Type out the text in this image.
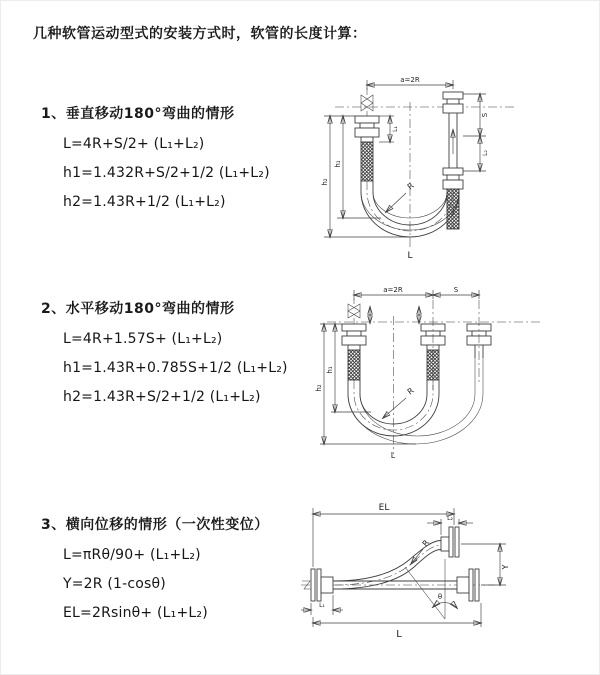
几种软管运动型式的安装方式时，软管的长度计算：
1、垂直移动180°弯曲的情形
L=4R+S/2+ (L₁+L₂)
h1=1.432R+S/2+1/2 (L₁+L₂)
h2=1.43R+1/2 (L₁+L₂)
2、水平移动180°弯曲的情形
L=4R+1.57S+ (L₁+L₂)
h1=1.43R+0.785S+1/2 (L₁+L₂)
h2=1.43R+S/2+1/2 (L₁+L₂)
3、横向位移的情形（一次性变位）
L=πRθ/90+ (L₁+L₂)
Y=2R (1-cosθ)
EL=2Rsinθ+ (L₁+L₂)
a=2R
L₁
S
L₂
h₂
h₁
R
L
a=2R	S
h₂
h₁
R
L
EL
L₂
Y
θ
R
L₁
L
